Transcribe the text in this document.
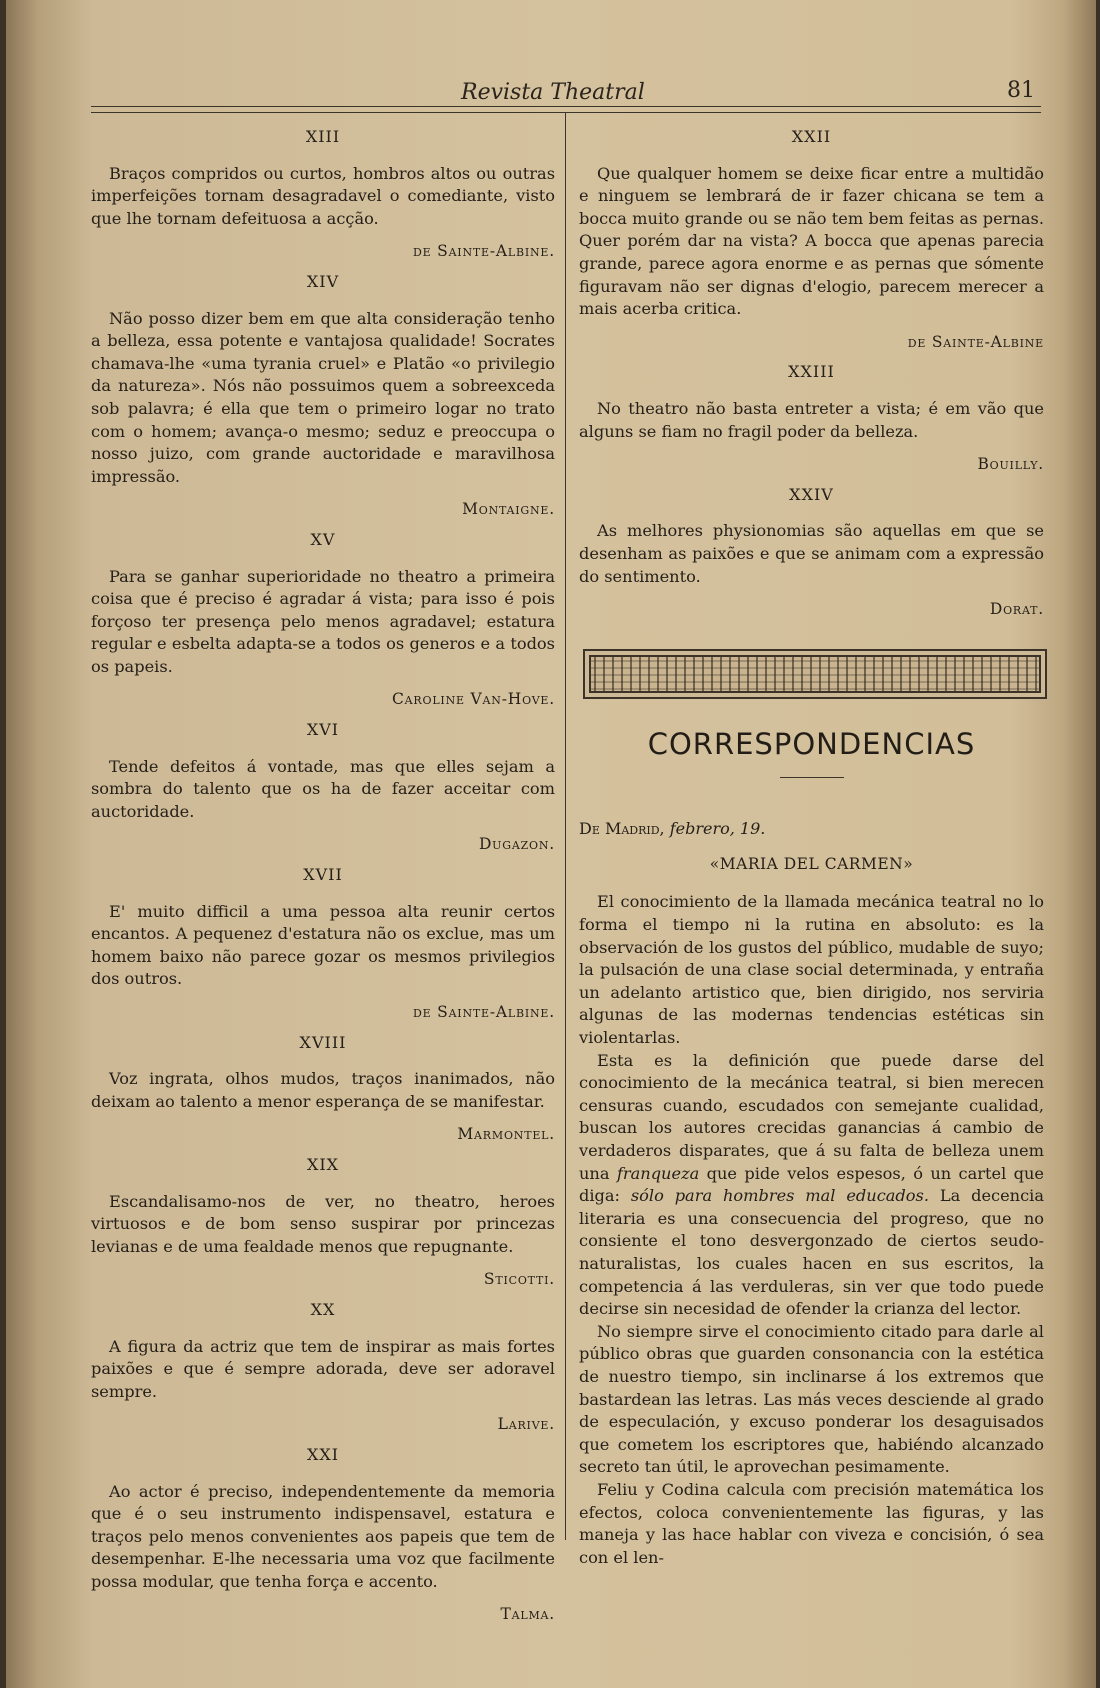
Revista Theatral	81
XIII

Braços compridos ou curtos, hombros altos ou outras imperfeições tornam desagradavel o comediante, visto que lhe tornam defeituosa a acção.

de Sainte-Albine.
XIV

Não posso dizer bem em que alta consideração tenho a belleza, essa potente e vantajosa qualidade! Socrates chamava-lhe «uma tyrania cruel» e Platão «o privilegio da natureza». Nós não possuimos quem a sobreexceda sob palavra; é ella que tem o primeiro logar no trato com o homem; avança-o mesmo; seduz e preoccupa o nosso juizo, com grande auctoridade e maravilhosa impressão.

Montaigne.
XV

Para se ganhar superioridade no theatro a primeira coisa que é preciso é agradar á vista; para isso é pois forçoso ter presença pelo menos agradavel; estatura regular e esbelta adapta-se a todos os generos e a todos os papeis.

Caroline Van-Hove.
XVI

Tende defeitos á vontade, mas que elles sejam a sombra do talento que os ha de fazer acceitar com auctoridade.

Dugazon.
XVII

E' muito difficil a uma pessoa alta reunir certos encantos. A pequenez d'estatura não os exclue, mas um homem baixo não parece gozar os mesmos privilegios dos outros.

de Sainte-Albine.
XVIII

Voz ingrata, olhos mudos, traços inanimados, não deixam ao talento a menor esperança de se manifestar.

Marmontel.
XIX

Escandalisamo-nos de ver, no theatro, heroes virtuosos e de bom senso suspirar por princezas levianas e de uma fealdade menos que repugnante.

Sticotti.
XX

A figura da actriz que tem de inspirar as mais fortes paixões e que é sempre adorada, deve ser adoravel sempre.

Larive.
XXI

Ao actor é preciso, independentemente da memoria que é o seu instrumento indispensavel, estatura e traços pelo menos convenientes aos papeis que tem de desempenhar. E-lhe necessaria uma voz que facilmente possa modular, que tenha força e accento.

Talma.
XXII

Que qualquer homem se deixe ficar entre a multidão e ninguem se lembrará de ir fazer chicana se tem a bocca muito grande ou se não tem bem feitas as pernas. Quer porém dar na vista? A bocca que apenas parecia grande, parece agora enorme e as pernas que sómente figuravam não ser dignas d'elogio, parecem merecer a mais acerba critica.

de Sainte-Albine
XXIII

No theatro não basta entreter a vista; é em vão que alguns se fiam no fragil poder da belleza.

Bouilly.
XXIV

As melhores physionomias são aquellas em que se desenham as paixões e que se animam com a expressão do sentimento.

Dorat.
CORRESPONDENCIAS
De Madrid, febrero, 19.
«MARIA DEL CARMEN»

El conocimiento de la llamada mecánica teatral no lo forma el tiempo ni la rutina en absoluto: es la observación de los gustos del público, mudable de suyo; la pulsación de una clase social determinada, y entraña un adelanto artistico que, bien dirigido, nos serviria algunas de las modernas tendencias estéticas sin violentarlas.

Esta es la definición que puede darse del conocimiento de la mecánica teatral, si bien merecen censuras cuando, escudados con semejante cualidad, buscan los autores crecidas ganancias á cambio de verdaderos disparates, que á su falta de belleza unem una franqueza que pide velos espesos, ó un cartel que diga: sólo para hombres mal educados. La decencia literaria es una consecuencia del progreso, que no consiente el tono desvergonzado de ciertos seudo-naturalistas, los cuales hacen en sus escritos, la competencia á las verduleras, sin ver que todo puede decirse sin necesidad de ofender la crianza del lector.

No siempre sirve el conocimiento citado para darle al público obras que guarden consonancia con la estética de nuestro tiempo, sin inclinarse á los extremos que bastardean las letras. Las más veces desciende al grado de especulación, y excuso ponderar los desaguisados que cometem los escriptores que, habiéndo alcanzado secreto tan útil, le aprovechan pesimamente.

Feliu y Codina calcula com precisión matemática los efectos, coloca convenientemente las figuras, y las maneja y las hace hablar con viveza e concisión, ó sea con el len-
